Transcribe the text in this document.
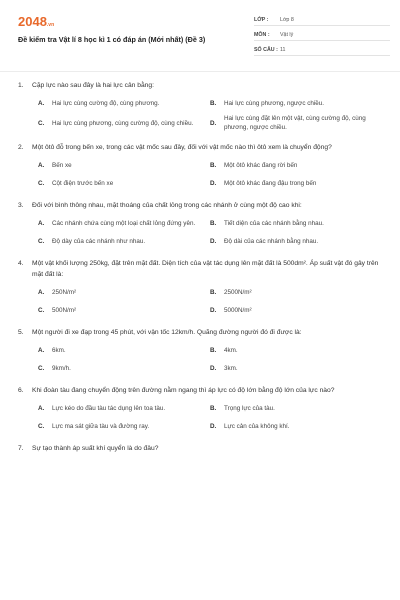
2048.vn
Đề kiểm tra Vật lí 8 học kì 1 có đáp án (Mới nhất) (Đề 3)
LỚP :	Lớp 8
MÔN :	Vật lý
SỐ CÂU : 11
1.	Cặp lực nào sau đây là hai lực cân bằng:
A.	Hai lực cùng cường độ, cùng phương.	B.	Hai lực cùng phương, ngược chiều.
C.	Hai lực cùng phương, cùng cường độ, cùng chiều.	D.
Hai lực cùng đặt lên một vật, cùng cường độ, cùng phương, ngược chiều.
2.	Một ôtô đỗ trong bến xe, trong các vật mốc sau đây, đối với vật mốc nào thì ôtô xem là chuyển động?
A.	Bến xe	B.	Một ôtô khác đang rời bến
C.	Cột điện trước bến xe	D.	Một ôtô khác đang đậu trong bến
3.	Đối với bình thông nhau, mặt thoáng của chất lỏng trong các nhánh ở cùng một độ cao khi:
A.	Các nhánh chứa cùng một loại chất lỏng đứng yên.	B.	Tiết diện của các nhánh bằng nhau.
C.	Độ dày của các nhánh như nhau.	D.	Độ dài của các nhánh bằng nhau.
4.	Một vật khối lượng 250kg, đặt trên mặt đất. Diện tích của vật tác dụng lên mặt đất là 500dm². Áp suất vật đó gây trên mặt đất là:
A.	250N/m²	B.	2500N/m²
C.	500N/m²	D.	5000N/m²
5.	Một người đi xe đạp trong 45 phút, với vận tốc 12km/h. Quãng đường người đó đi được là:
A.	6km.	B.	4km.
C.	9km/h.	D.	3km.
6.	Khi đoàn tàu đang chuyển động trên đường nằm ngang thì áp lực có độ lớn bằng độ lớn của lực nào?
A.	Lực kéo do đầu tàu tác dụng lên toa tàu.	B.	Trọng lực của tàu.
C.	Lực ma sát giữa tàu và đường ray.	D.	Lực cản của không khí.
7.	Sự tạo thành áp suất khí quyển là do đâu?
